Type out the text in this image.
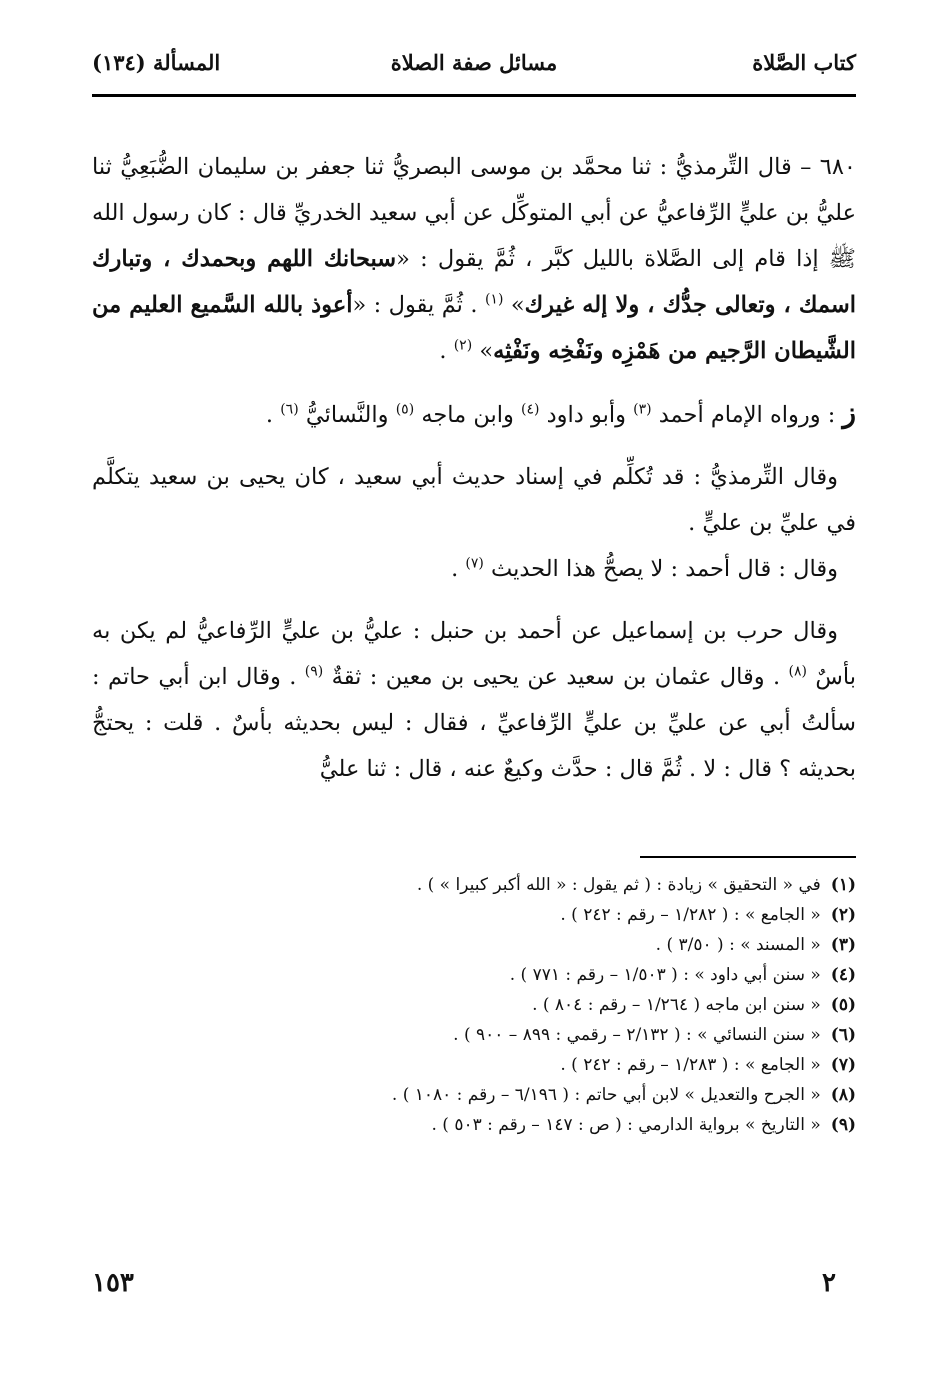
كتاب الصَّلاة
مسائل صفة الصلاة
المسألة (١٣٤)

٦٨٠ – قال التِّرمذيُّ : ثنا محمَّد بن موسى البصريُّ ثنا جعفر بن سليمان الضُّبَعِيُّ ثنا عليُّ بن عليٍّ الرِّفاعيُّ عن أبي المتوكِّل عن أبي سعيد الخدريِّ قال : كان رسول الله ﷺ إذا قام إلى الصَّلاة بالليل كبَّر ، ثُمَّ يقول : «سبحانك اللهم وبحمدك ، وتبارك اسمك ، وتعالى جدُّك ، ولا إله غيرك» $^{(١)}$ . ثُمَّ يقول : «أعوذ بالله السَّميع العليم من الشَّيطان الرَّجيم من هَمْزِه ونَفْخِه ونَفْثِه» $^{(٢)}$ .

ز : ورواه الإمام أحمد $^{(٣)}$ وأبو داود $^{(٤)}$ وابن ماجه $^{(٥)}$ والنَّسائيُّ $^{(٦)}$ .

وقال التِّرمذيُّ : قد تُكلِّم في إسناد حديث أبي سعيد ، كان يحيى بن سعيد يتكلَّم في عليِّ بن عليٍّ .

وقال : قال أحمد : لا يصحُّ هذا الحديث $^{(٧)}$ .

وقال حرب بن إسماعيل عن أحمد بن حنبل : عليُّ بن عليٍّ الرِّفاعيُّ لم يكن به بأسٌ $^{(٨)}$ . وقال عثمان بن سعيد عن يحيى بن معين : ثقةٌ $^{(٩)}$ . وقال ابن أبي حاتم : سألتُ أبي عن عليِّ بن عليٍّ الرِّفاعيِّ ، فقال : ليس بحديثه بأسٌ . قلت : يحتجُّ بحديثه ؟ قال : لا . ثُمَّ قال : حدَّث وكيعٌ عنه ، قال : ثنا عليُّ

(١)في « التحقيق » زيادة : ( ثم يقول : « الله أكبر كبيرا » ) .
(٢)« الجامع » : ( ١/٢٨٢ – رقم : ٢٤٢ ) .
(٣)« المسند » : ( ٣/٥٠ ) .
(٤)« سنن أبي داود » : ( ١/٥٠٣ – رقم : ٧٧١ ) .
(٥)« سنن ابن ماجه ( ١/٢٦٤ – رقم : ٨٠٤ ) .
(٦)« سنن النسائي » : ( ٢/١٣٢ – رقمي : ٨٩٩ – ٩٠٠ ) .
(٧)« الجامع » : ( ١/٢٨٣ – رقم : ٢٤٢ ) .
(٨)« الجرح والتعديل » لابن أبي حاتم : ( ٦/١٩٦ – رقم : ١٠٨٠ ) .
(٩)« التاريخ » برواية الدارمي : ( ص : ١٤٧ – رقم : ٥٠٣ ) .
٢
١٥٣
